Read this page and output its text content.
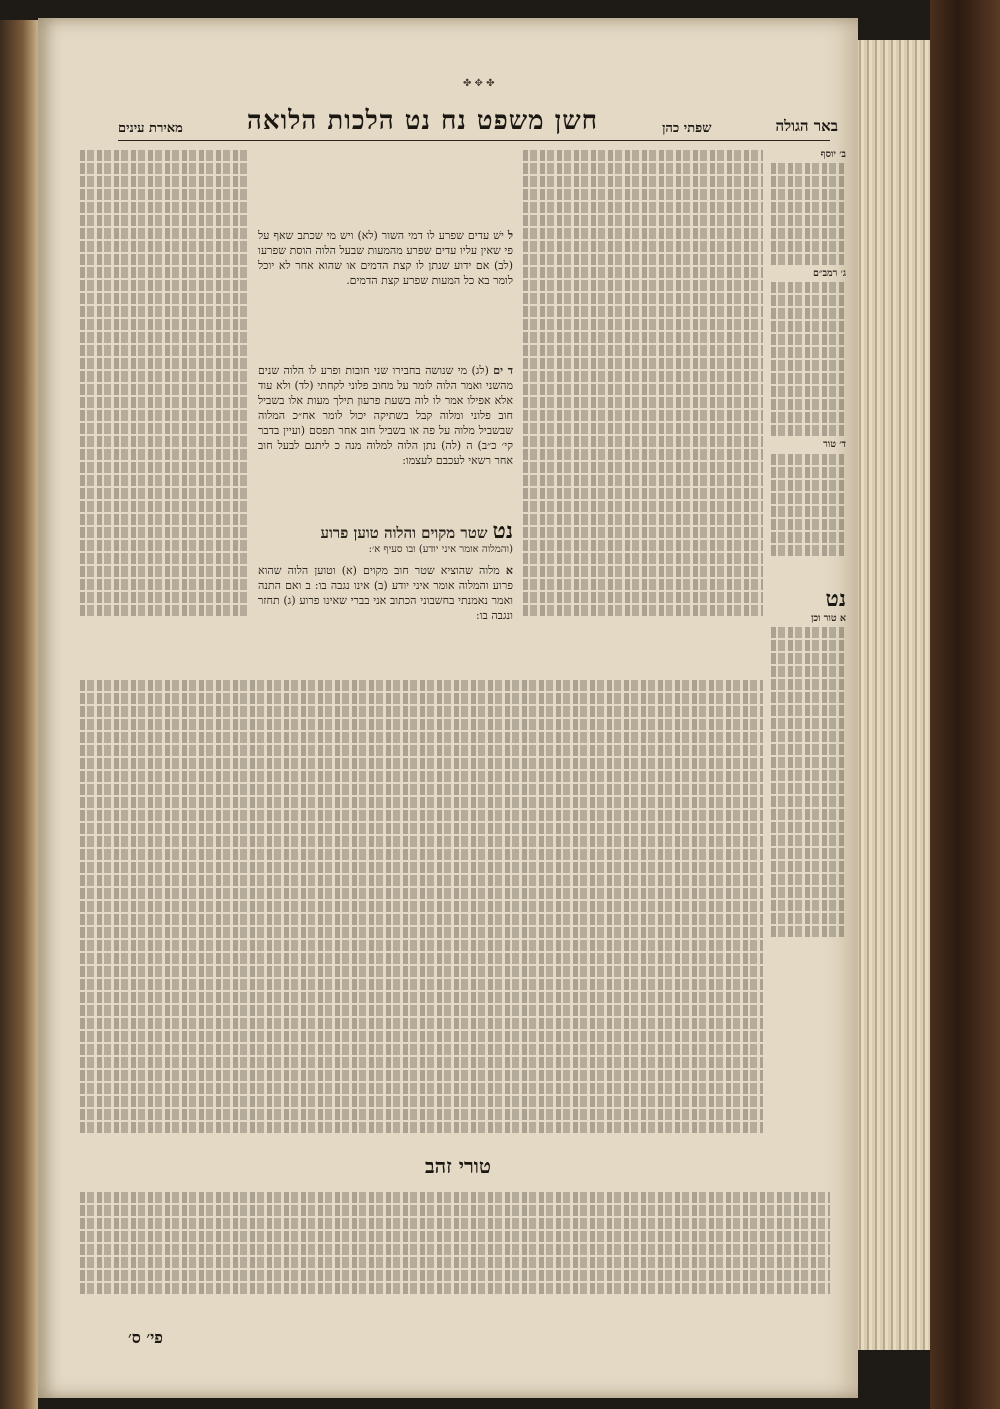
✤ ✥ ✤
באר הגולה
שפתי כהן
חשן משפט נח נט הלכות הלואה
מאירת עינים
ב׳ יוסף
ג׳ רמב״ם
ד׳ טור
נט
א טור וכן
ל ישׁ עדים שפרע לו דמי השור (לא) ויש מי שכתב שאף על פי שאין עליו עדים שפרע מהמעות שבעל הלוה הוסת שפרעו (לב) אם ידוע שנתן לו קצת הדמים או שהוא אחר לא יוכל לומר בא כל המעות שפרע קצת הדמים.
ד ים (לג) מי שנושה בחבירו שני חובות ופרע לו הלוה שנים מהשני ואמר הלוה לומר על מחוב פלוני לקחתי (לד) ולא עוד אלא אפילו אמר לו לוה בשעת פרעון תילך מעות אלו בשביל חוב פלוני ומלוה קבל בשתיקה יכול לומר אח״כ המלוה שבשביל מלוה על פה או בשביל חוב אחר תפסם (ועיין בדבר קי׳ כ״ב) ה (לה) נתן הלוה למלוה מנה כ ליתנם לבעל חוב אחר רשאי לעכבם לעצמו:
נט שטר מקוים והלוה טוען פרוע
(והמלוה אומר איני יודע) ובו סעיף א׳:
א מלוה שהוציא שטר חוב מקוים (א) וטוען הלוה שהוא פרוע והמלוה אומר איני יודע (ב) אינו נגבה בו: ב ואם התנה ואמר נאמנתי בחשבוני הכתוב אני בברי שאינו פרוע (ג) תחזר ונגבה בו:
טורי זהב
פי׳ ס׳
